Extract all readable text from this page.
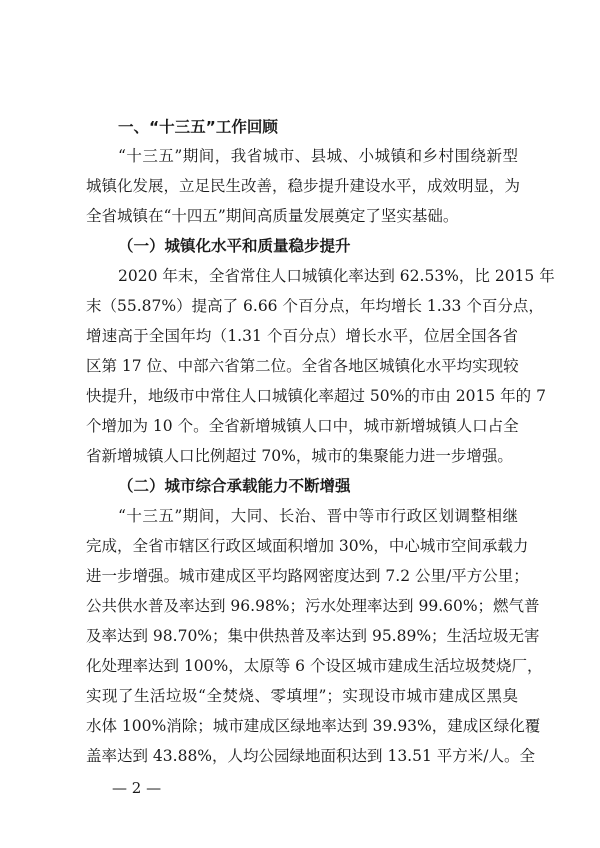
一、“十三五”工作回顾
“十三五”期间，我省城市、县城、小城镇和乡村围绕新型
城镇化发展，立足民生改善，稳步提升建设水平，成效明显，为
全省城镇在“十四五”期间高质量发展奠定了坚实基础。
（一）城镇化水平和质量稳步提升
2020 年末，全省常住人口城镇化率达到 62.53%，比 2015 年
末（55.87%）提高了 6.66 个百分点，年均增长 1.33 个百分点，
增速高于全国年均（1.31 个百分点）增长水平，位居全国各省
区第 17 位、中部六省第二位。全省各地区城镇化水平均实现较
快提升，地级市中常住人口城镇化率超过 50%的市由 2015 年的 7
个增加为 10 个。全省新增城镇人口中，城市新增城镇人口占全
省新增城镇人口比例超过 70%，城市的集聚能力进一步增强。
（二）城市综合承载能力不断增强
“十三五”期间，大同、长治、晋中等市行政区划调整相继
完成，全省市辖区行政区域面积增加 30%，中心城市空间承载力
进一步增强。城市建成区平均路网密度达到 7.2 公里/平方公里；
公共供水普及率达到 96.98%；污水处理率达到 99.60%；燃气普
及率达到 98.70%；集中供热普及率达到 95.89%；生活垃圾无害
化处理率达到 100%，太原等 6 个设区城市建成生活垃圾焚烧厂，
实现了生活垃圾“全焚烧、零填埋”；实现设市城市建成区黑臭
水体 100%消除；城市建成区绿地率达到 39.93%，建成区绿化覆
盖率达到 43.88%，人均公园绿地面积达到 13.51 平方米/人。全
— 2 —
